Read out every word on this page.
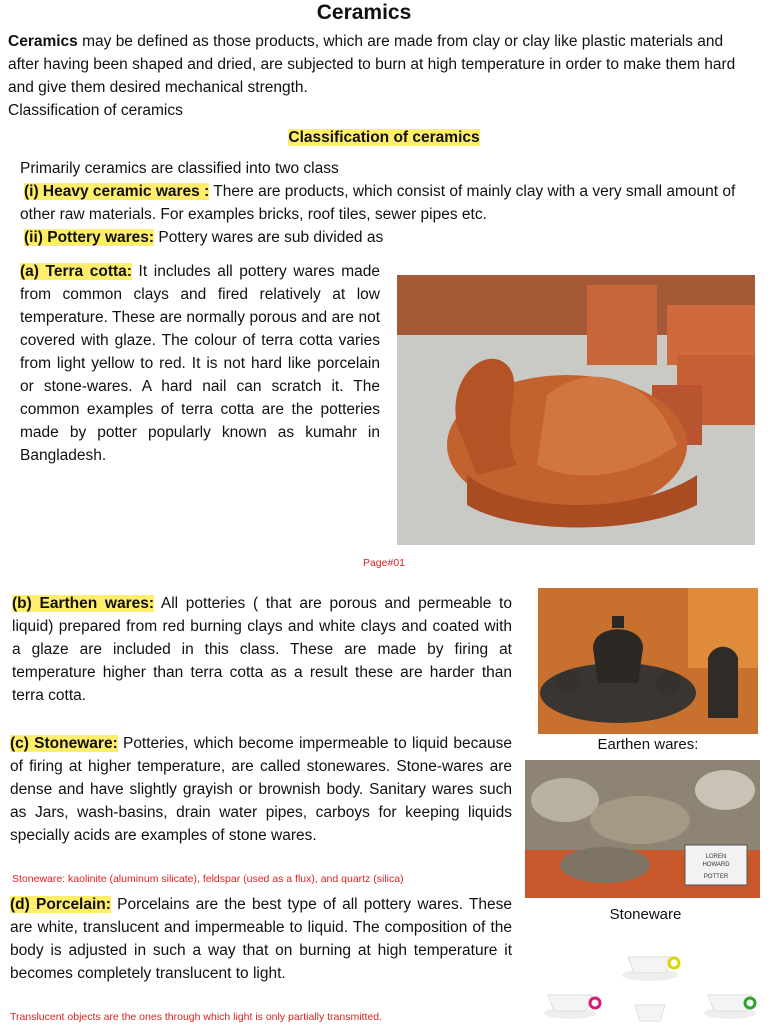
Ceramics
Ceramics may be defined as those products, which are made from clay or clay like plastic materials and after having been shaped and dried, are subjected to burn at high temperature in order to make them hard and give them desired mechanical strength.
Classification of ceramics
Classification of ceramics
Primarily ceramics are classified into two class
(i) Heavy ceramic wares : There are products, which consist of mainly clay with a very small amount of other raw materials. For examples bricks, roof tiles, sewer pipes etc.
(ii) Pottery wares: Pottery wares are sub divided as
(a) Terra cotta: It includes all pottery wares made from common clays and fired relatively at low temperature. These are normally porous and are not covered with glaze. The colour of terra cotta varies from light yellow to red. It is not hard like porcelain or stone-wares. A hard nail can scratch it. The common examples of terra cotta are the potteries made by potter popularly known as kumahr in Bangladesh.
Page#01
(b) Earthen wares: All potteries ( that are porous and permeable to liquid) prepared from red burning clays and white clays and coated with a glaze are included in this class. These are made by firing at temperature higher than terra cotta as a result these are harder than terra cotta.
Earthen wares:
(c) Stoneware: Potteries, which become impermeable to liquid because of firing at higher temperature, are called stonewares. Stone-wares are dense and have slightly grayish or brownish body. Sanitary wares such as Jars, wash-basins, drain water pipes, carboys for keeping liquids specially acids are examples of stone wares.
Stoneware: kaolinite (aluminum silicate), feldspar (used as a flux), and quartz (silica)
LOREN
HOWARD
POTTER
Stoneware
(d) Porcelain: Porcelains are the best type of all pottery wares. These are white, translucent and impermeable to liquid. The composition of the body is adjusted in such a way that on burning at high temperature it becomes completely translucent to light.
Translucent objects are the ones through which light is only partially transmitted.
